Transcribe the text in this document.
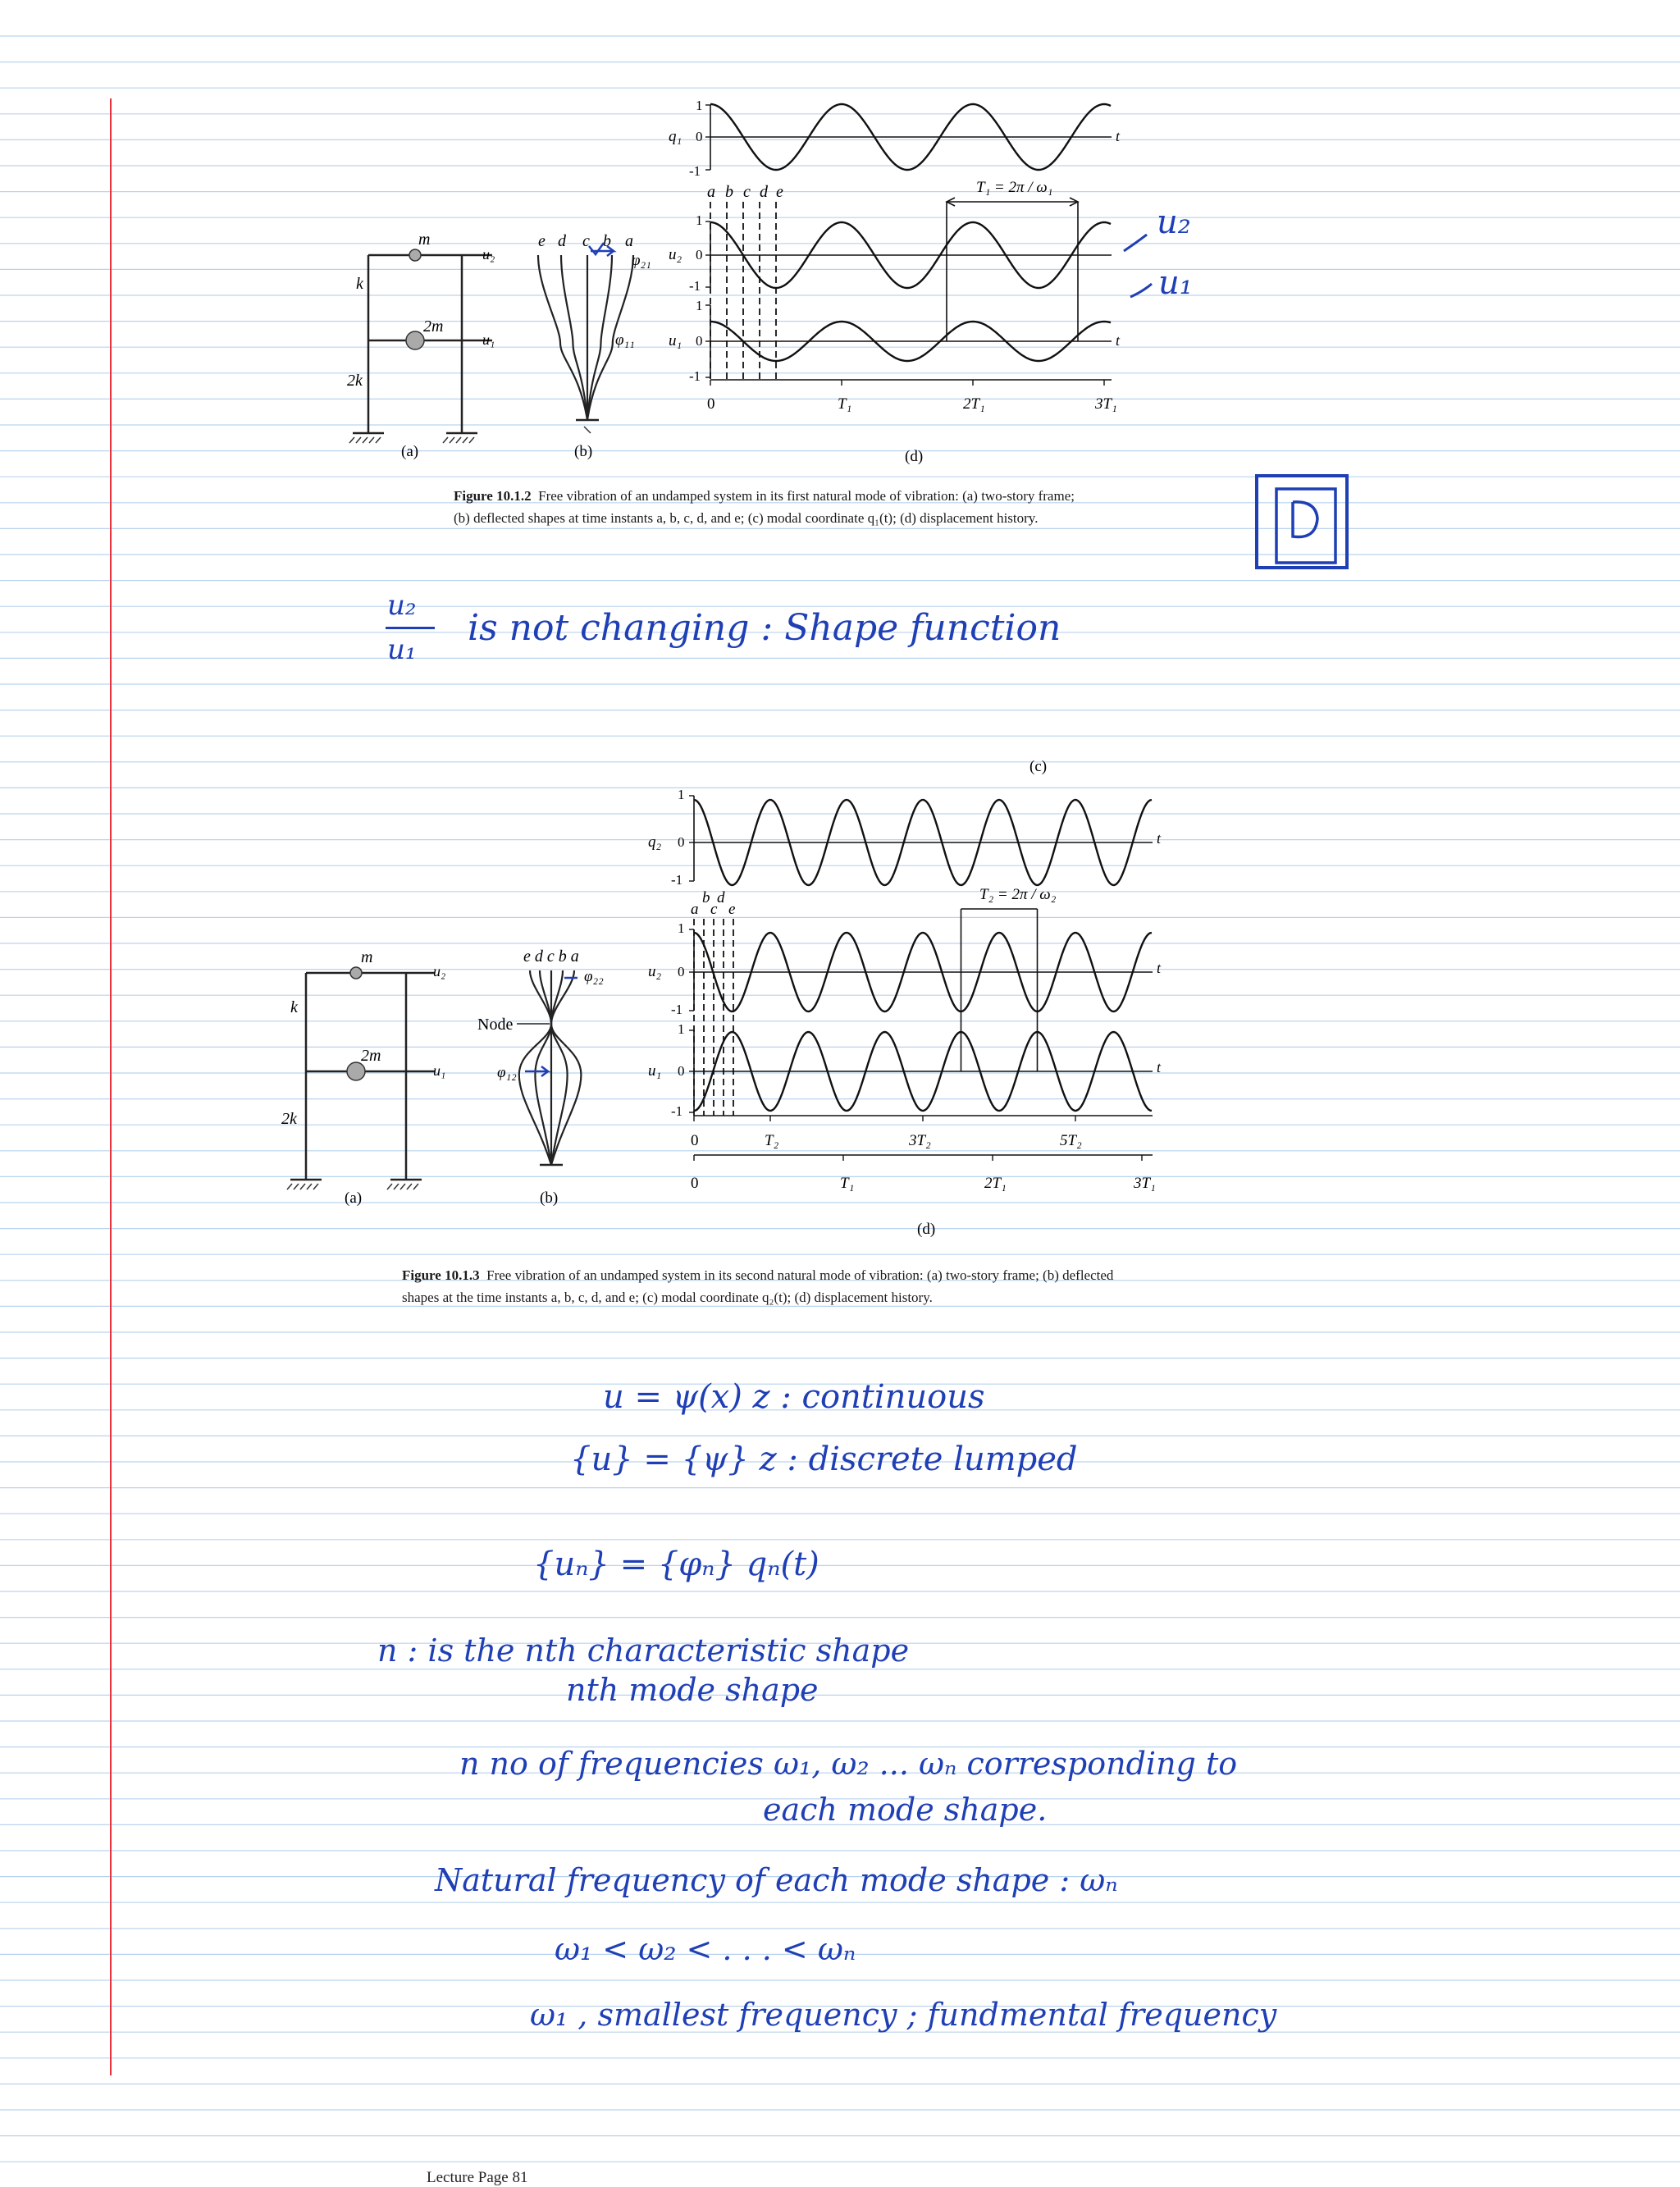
m
2m
k
2k
u₂
u₁
(a)
e d c b a
φ₂₁
φ₁₁
(b)
q₁
u₂
u₁
1
0
-1
1
0
-1
1
0
-1
t
t
a b c d e	T₁ = 2π / ω₁
0	T₁	2T₁	3T₁
(d)
u₂
u₁
Figure 10.1.2 Free vibration of an undamped system in its first natural mode of vibration: (a) two-story frame; (b) deflected shapes at time instants a, b, c, d, and e; (c) modal coordinate q₁(t); (d) displacement history.
u₂
u₁
is not changing : Shape function
(c)
m
2m
k
2k
u₂
u₁
(a)
e d c b a
Node
φ₂₂
φ₁₂
(b)
q₂
u₂
u₁
1
0
-1
1
0
-1
1
0
-1
t
t
t
b d
a c e
T₂ = 2π / ω₂
0	T₂	3T₂	5T₂
0	T₁	2T₁	3T₁
(d)
Figure 10.1.3 Free vibration of an undamped system in its second natural mode of vibration: (a) two-story frame; (b) deflected shapes at the time instants a, b, c, d, and e; (c) modal coordinate q₂(t); (d) displacement history.
u = ψ(x) z : continuous
{u} = {ψ} z : discrete lumped
{uₙ} = {φₙ} qₙ(t)
n : is the nth characteristic shape
nth mode shape
n no of frequencies ω₁, ω₂ ... ωₙ corresponding to
each mode shape.
Natural frequency of each mode shape : ωₙ
ω₁ < ω₂ < . . . < ωₙ
ω₁ , smallest frequency ; fundmental frequency
Lecture Page 81
